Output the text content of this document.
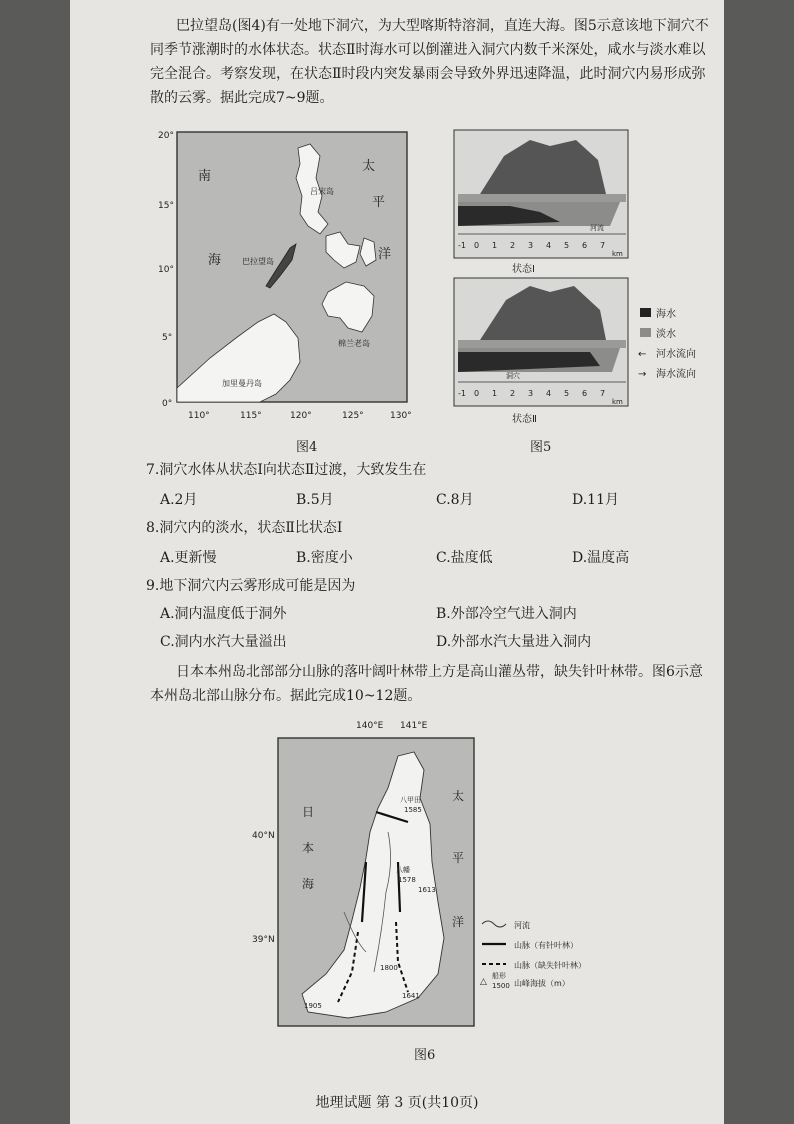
巴拉望岛(图4)有一处地下洞穴，为大型喀斯特溶洞，直连大海。图5示意该地下洞穴不同季节涨潮时的水体状态。状态Ⅱ时海水可以倒灌进入洞穴内数千米深处，咸水与淡水难以完全混合。考察发现，在状态Ⅱ时段内突发暴雨会导致外界迅速降温，此时洞穴内易形成弥散的云雾。据此完成7~9题。
20°
15°
10°
5°
0°
110°	115°	120°	125°	130°
南
海
太
平
洋
吕宋岛
巴拉望岛
棉兰老岛
加里曼丹岛
图4
-1 0 1 2 3 4 5 6 7
km
河流
状态Ⅰ
-1 0 1 2 3 4 5 6 7
km
洞穴
状态Ⅱ
海水
淡水
← 河水流向
→ 海水流向
图5
7.洞穴水体从状态Ⅰ向状态Ⅱ过渡，大致发生在
A.2月	B.5月	C.8月	D.11月
8.洞穴内的淡水，状态Ⅱ比状态Ⅰ
A.更新慢	B.密度小	C.盐度低	D.温度高
9.地下洞穴内云雾形成可能是因为
A.洞内温度低于洞外	B.外部冷空气进入洞内
C.洞内水汽大量溢出	D.外部水汽大量进入洞内
日本本州岛北部部分山脉的落叶阔叶林带上方是高山灌丛带，缺失针叶林带。图6示意本州岛北部山脉分布。据此完成10~12题。
140°E 141°E
40°N
39°N
日
本
海
太
平
洋
八甲田
1585
八幡
1578
1613
1641
1905
1800
河流
山脉（有针叶林）
山脉（缺失针叶林）
△
船形
1500 山峰海拔（m）
图6
地理试题 第 3 页(共10页)
